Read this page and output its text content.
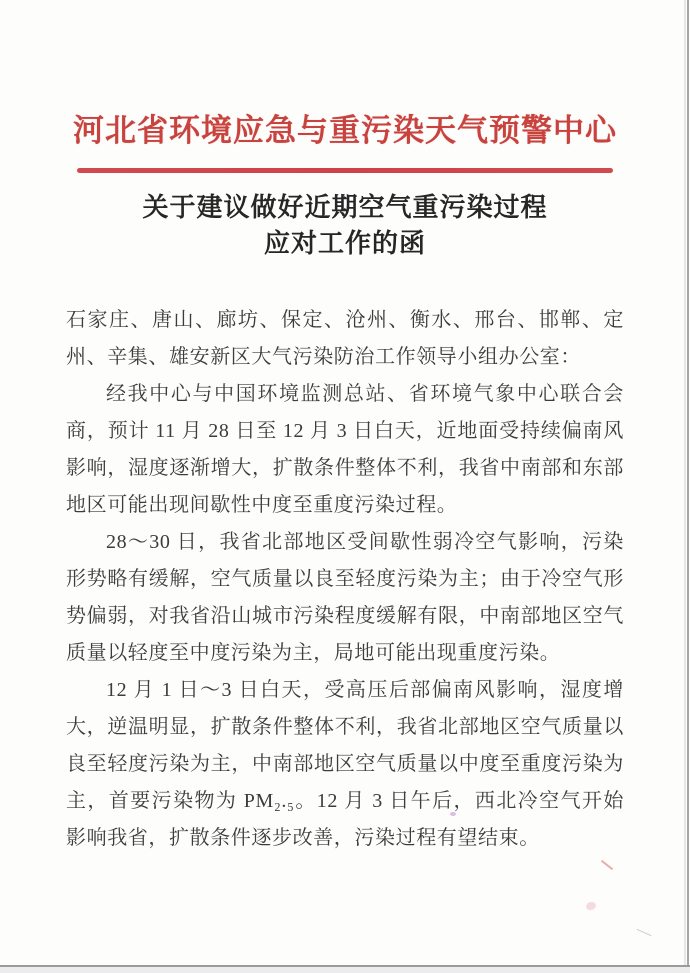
河北省环境应急与重污染天气预警中心
关于建议做好近期空气重污染过程
应对工作的函

石家庄、唐山、廊坊、保定、沧州、衡水、邢台、邯郸、定州、辛集、雄安新区大气污染防治工作领导小组办公室：

经我中心与中国环境监测总站、省环境气象中心联合会商，预计 11 月 28 日至 12 月 3 日白天，近地面受持续偏南风影响，湿度逐渐增大，扩散条件整体不利，我省中南部和东部地区可能出现间歇性中度至重度污染过程。

28～30 日，我省北部地区受间歇性弱冷空气影响，污染形势略有缓解，空气质量以良至轻度污染为主；由于冷空气形势偏弱，对我省沿山城市污染程度缓解有限，中南部地区空气质量以轻度至中度污染为主，局地可能出现重度污染。

12 月 1 日～3 日白天，受高压后部偏南风影响，湿度增大，逆温明显，扩散条件整体不利，我省北部地区空气质量以良至轻度污染为主，中南部地区空气质量以中度至重度污染为主，首要污染物为 PM₂.₅。12 月 3 日午后，西北冷空气开始影响我省，扩散条件逐步改善，污染过程有望结束。
